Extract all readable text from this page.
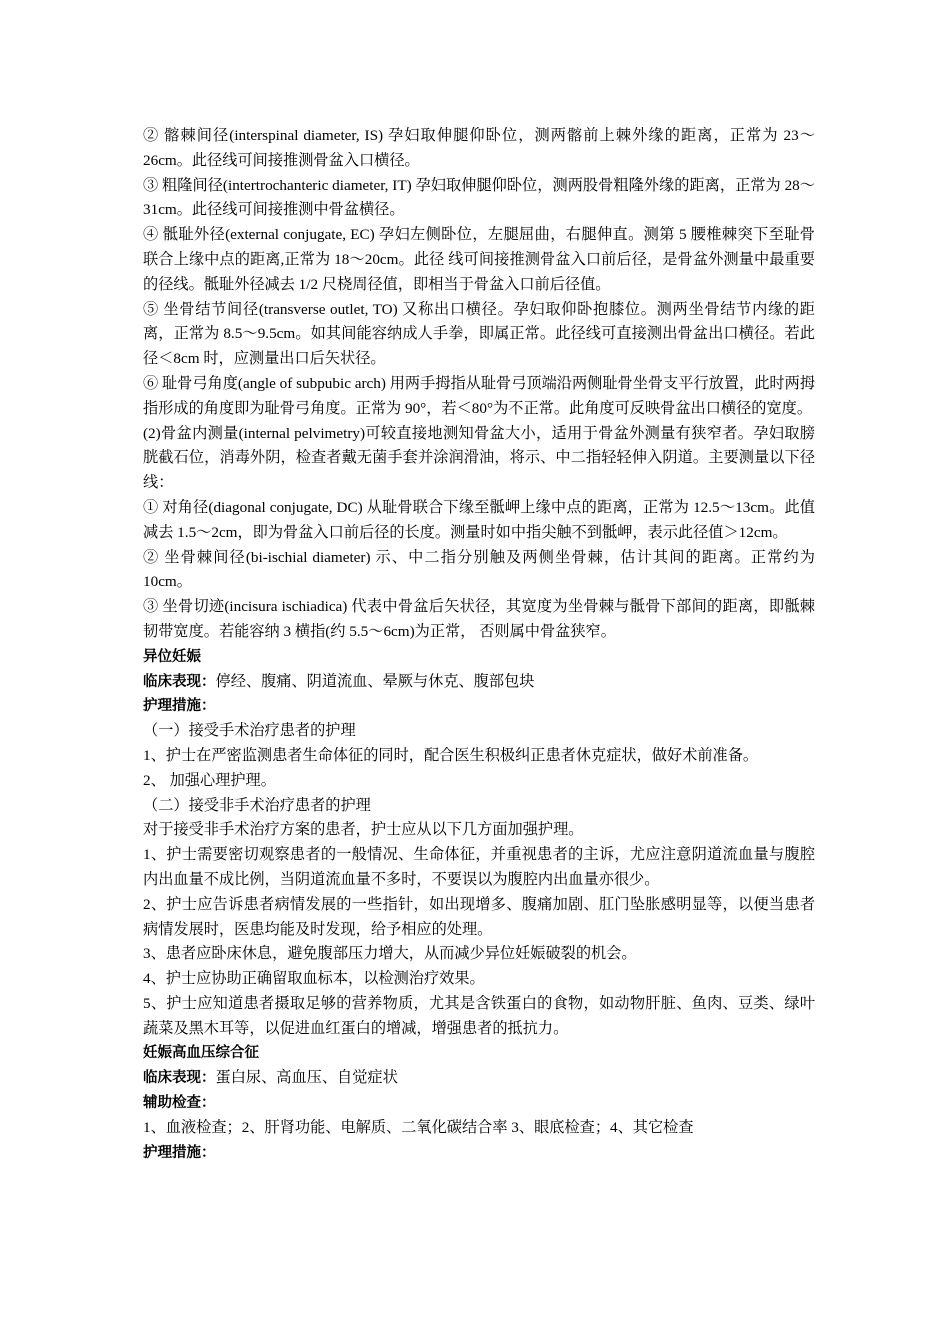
② 髂棘间径(interspinal diameter, IS) 孕妇取伸腿仰卧位，测两髂前上棘外缘的距离，正常为 23～26cm。此径线可间接推测骨盆入口横径。

③ 粗隆间径(intertrochanteric diameter, IT) 孕妇取伸腿仰卧位，测两股骨粗隆外缘的距离，正常为 28～31cm。此径线可间接推测中骨盆横径。

④ 骶耻外径(external conjugate, EC) 孕妇左侧卧位，左腿屈曲，右腿伸直。测第 5 腰椎棘突下至耻骨联合上缘中点的距离,正常为 18～20cm。此径 线可间接推测骨盆入口前后径，是骨盆外测量中最重要的径线。骶耻外径减去 1/2 尺桡周径值，即相当于骨盆入口前后径值。

⑤ 坐骨结节间径(transverse outlet, TO) 又称出口横径。孕妇取仰卧抱膝位。测两坐骨结节内缘的距离，正常为 8.5～9.5cm。如其间能容纳成人手拳，即属正常。此径线可直接测出骨盆出口横径。若此径＜8cm 时，应测量出口后矢状径。

⑥ 耻骨弓角度(angle of subpubic arch) 用两手拇指从耻骨弓顶端沿两侧耻骨坐骨支平行放置，此时两拇指形成的角度即为耻骨弓角度。正常为 90°，若＜80°为不正常。此角度可反映骨盆出口横径的宽度。

(2)骨盆内测量(internal pelvimetry)可较直接地测知骨盆大小，适用于骨盆外测量有狭窄者。孕妇取膀胱截石位，消毒外阴，检查者戴无菌手套并涂润滑油，将示、中二指轻轻伸入阴道。主要测量以下径线：

① 对角径(diagonal conjugate, DC) 从耻骨联合下缘至骶岬上缘中点的距离，正常为 12.5～13cm。此值减去 1.5～2cm，即为骨盆入口前后径的长度。测量时如中指尖触不到骶岬，表示此径值＞12cm。

② 坐骨棘间径(bi-ischial diameter) 示、中二指分别触及两侧坐骨棘，估计其间的距离。正常约为 10cm。

③ 坐骨切迹(incisura ischiadica) 代表中骨盆后矢状径，其宽度为坐骨棘与骶骨下部间的距离，即骶棘韧带宽度。若能容纳 3 横指(约 5.5～6cm)为正常， 否则属中骨盆狭窄。

异位妊娠

临床表现：停经、腹痛、阴道流血、晕厥与休克、腹部包块

护理措施：

（一）接受手术治疗患者的护理

1、护士在严密监测患者生命体征的同时，配合医生积极纠正患者休克症状，做好术前准备。

2、 加强心理护理。

（二）接受非手术治疗患者的护理

对于接受非手术治疗方案的患者，护士应从以下几方面加强护理。

1、护士需要密切观察患者的一般情况、生命体征，并重视患者的主诉，尤应注意阴道流血量与腹腔内出血量不成比例，当阴道流血量不多时，不要误以为腹腔内出血量亦很少。

2、护士应告诉患者病情发展的一些指针，如出现增多、腹痛加剧、肛门坠胀感明显等，以便当患者病情发展时，医患均能及时发现，给予相应的处理。

3、患者应卧床休息，避免腹部压力增大，从而减少异位妊娠破裂的机会。

4、护士应协助正确留取血标本，以检测治疗效果。

5、护士应知道患者摄取足够的营养物质，尤其是含铁蛋白的食物，如动物肝脏、鱼肉、豆类、绿叶蔬菜及黑木耳等，以促进血红蛋白的增减，增强患者的抵抗力。

妊娠高血压综合征

临床表现：蛋白尿、高血压、自觉症状

辅助检查：

1、血液检查；2、肝肾功能、电解质、二氧化碳结合率 3、眼底检查；4、其它检查

护理措施：
